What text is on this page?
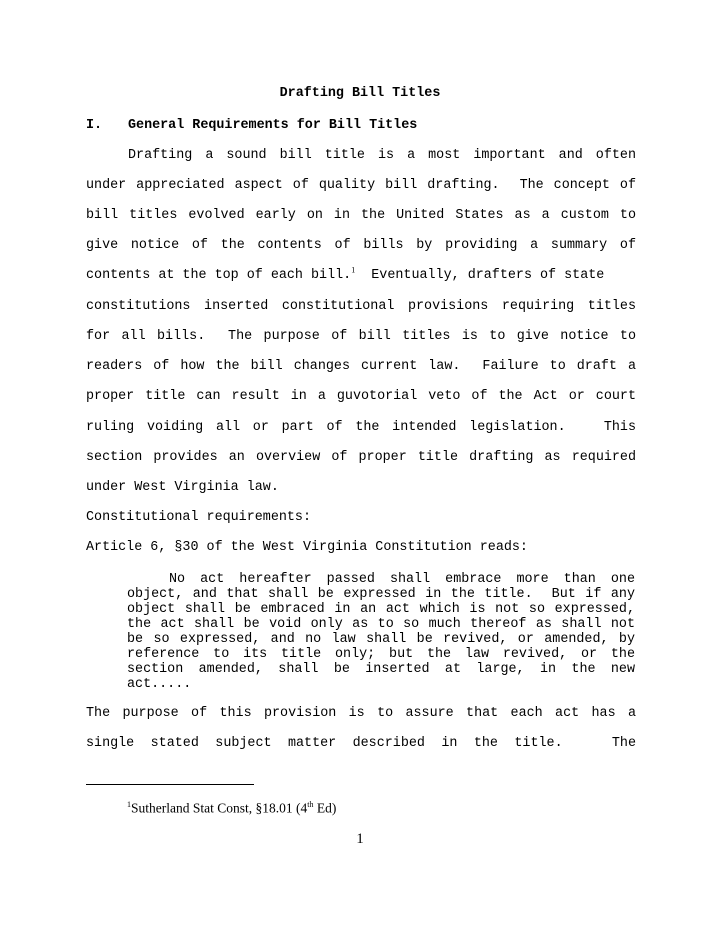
Drafting Bill Titles
I. General Requirements for Bill Titles
Drafting a sound bill title is a most important and often
under appreciated aspect of quality bill drafting.  The concept of
bill titles evolved early on in the United States as a custom to
give notice of the contents of bills by providing a summary of
contents at the top of each bill.$^1$ Eventually, drafters of state
constitutions inserted constitutional provisions requiring titles
for all bills.  The purpose of bill titles is to give notice to
readers of how the bill changes current law.  Failure to draft a
proper title can result in a guvotorial veto of the Act or court
ruling voiding all or part of the intended legislation.   This
section provides an overview of proper title drafting as required
under West Virginia law.
Constitutional requirements:
Article 6, §30 of the West Virginia Constitution reads:
The purpose of this provision is to assure that each act has a
single stated subject matter described in the title.   The
No act hereafter passed shall embrace more than one
object, and that shall be expressed in the title.  But if any
object shall be embraced in an act which is not so expressed,
the act shall be void only as to so much thereof as shall not
be so expressed, and no law shall be revived, or amended, by
reference to its title only; but the law revived, or the
section amended, shall be inserted at large, in the new
act.....
$^1$Sutherland Stat Const, §18.01 (4th Ed)
1
